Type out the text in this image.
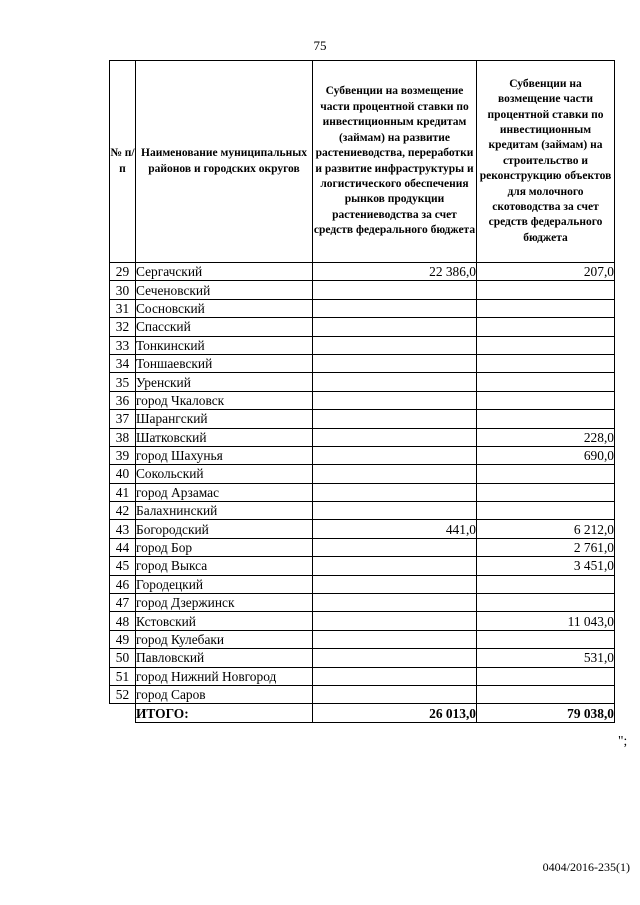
75
№ п/п	Наименование муниципальных районов и городских округов	Субвенции на возмещение части процентной ставки по инвестиционным кредитам (займам) на развитие растениеводства, переработки и развитие инфраструктуры и логистического обеспечения рынков продукции растениеводства за счет средств федерального бюджета	Субвенции на возмещение части процентной ставки по инвестиционным кредитам (займам) на строительство и реконструкцию объектов для молочного скотоводства за счет средств федерального бюджета
29	Сергачский	22 386,0	207,0
30	Сеченовский		
31	Сосновский		
32	Спасский		
33	Тонкинский		
34	Тоншаевский		
35	Уренский		
36	город Чкаловск		
37	Шарангский		
38	Шатковский		228,0
39	город Шахунья		690,0
40	Сокольский		
41	город Арзамас		
42	Балахнинский		
43	Богородский	441,0	6 212,0
44	город Бор		2 761,0
45	город Выкса		3 451,0
46	Городецкий		
47	город Дзержинск		
48	Кстовский		11 043,0
49	город Кулебаки		
50	Павловский		531,0
51	город Нижний Новгород		
52	город Саров		
	ИТОГО:	26 013,0	79 038,0
";
0404/2016-235(1)
